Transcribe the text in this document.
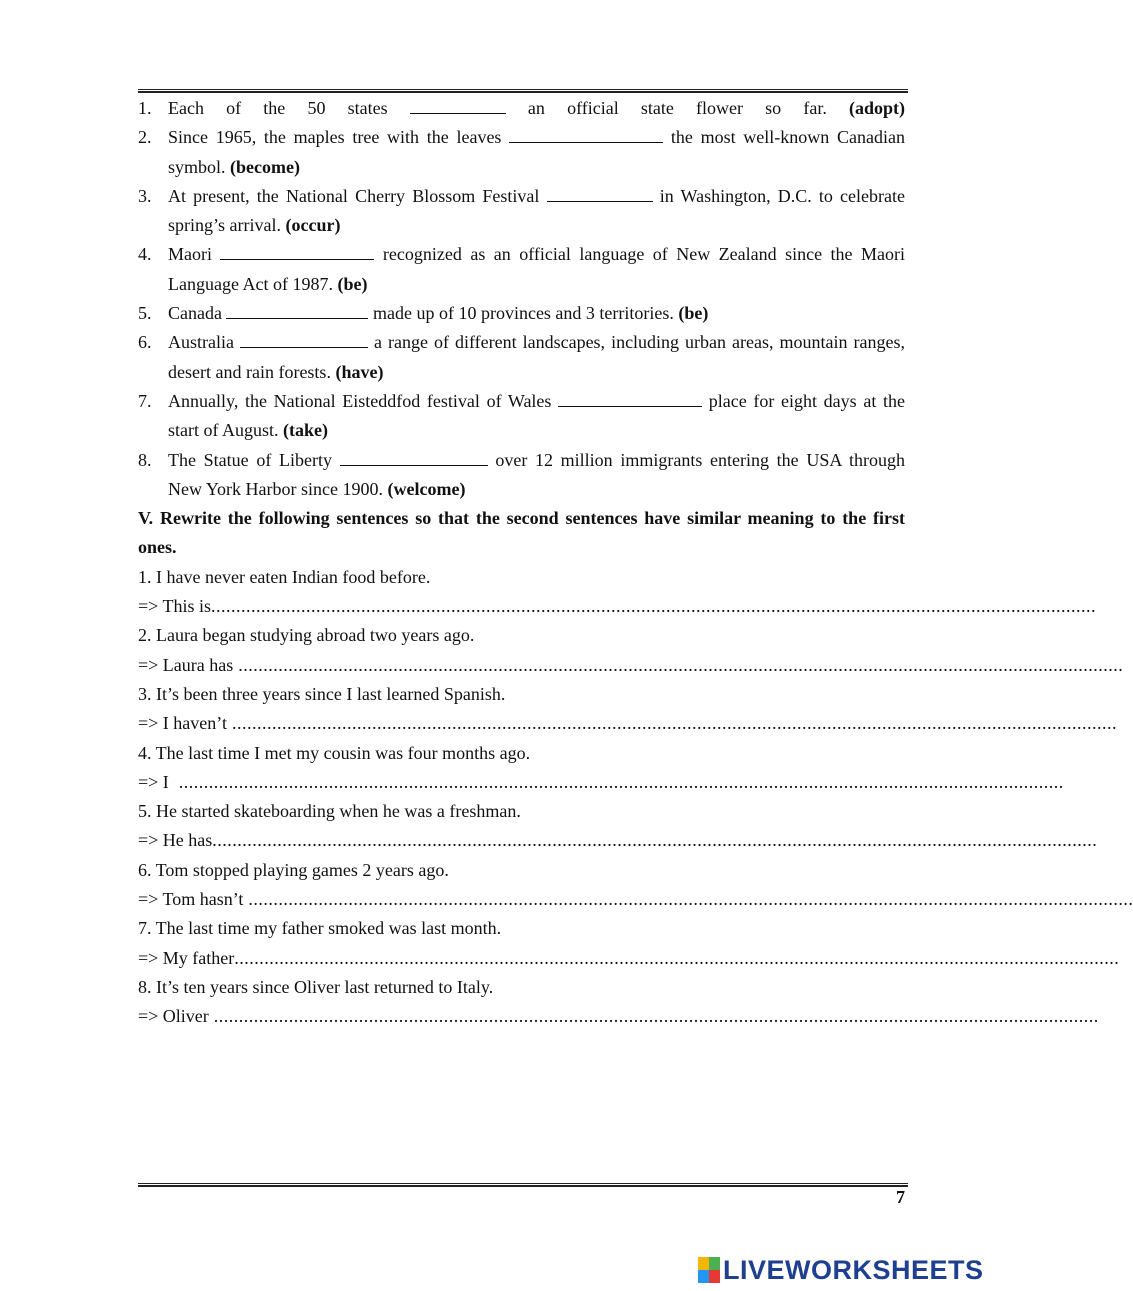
1. Each of the 50 states	an official state flower so far. (adopt)
2. Since 1965, the maples tree with the leaves	the most well-known Canadian symbol. (become)
3. At present, the National Cherry Blossom Festival	in Washington, D.C. to celebrate spring’s arrival. (occur)
4. Maori	recognized as an official language of New Zealand since the Maori Language Act of 1987. (be)
5. Canada	made up of 10 provinces and 3 territories. (be)
6. Australia	a range of different landscapes, including urban areas, mountain ranges, desert and rain forests. (have)
7. Annually, the National Eisteddfod festival of Wales	place for eight days at the start of August. (take)
8. The Statue of Liberty	over 12 million immigrants entering the USA through New York Harbor since 1900. (welcome)
V. Rewrite the following sentences so that the second sentences have similar meaning to the first ones.
1. I have never eaten Indian food before.
=> This is .................................................................................................................................................................................
2. Laura began studying abroad two years ago.
=> Laura has .................................................................................................................................................................................
3. It’s been three years since I last learned Spanish.
=> I haven’t .................................................................................................................................................................................
4. The last time I met my cousin was four months ago.
=> I .................................................................................................................................................................................
5. He started skateboarding when he was a freshman.
=> He has .................................................................................................................................................................................
6. Tom stopped playing games 2 years ago.
=> Tom hasn’t .................................................................................................................................................................................
7. The last time my father smoked was last month.
=> My father .................................................................................................................................................................................
8. It’s ten years since Oliver last returned to Italy.
=> Oliver .................................................................................................................................................................................
7
LIVEWORKSHEETS
